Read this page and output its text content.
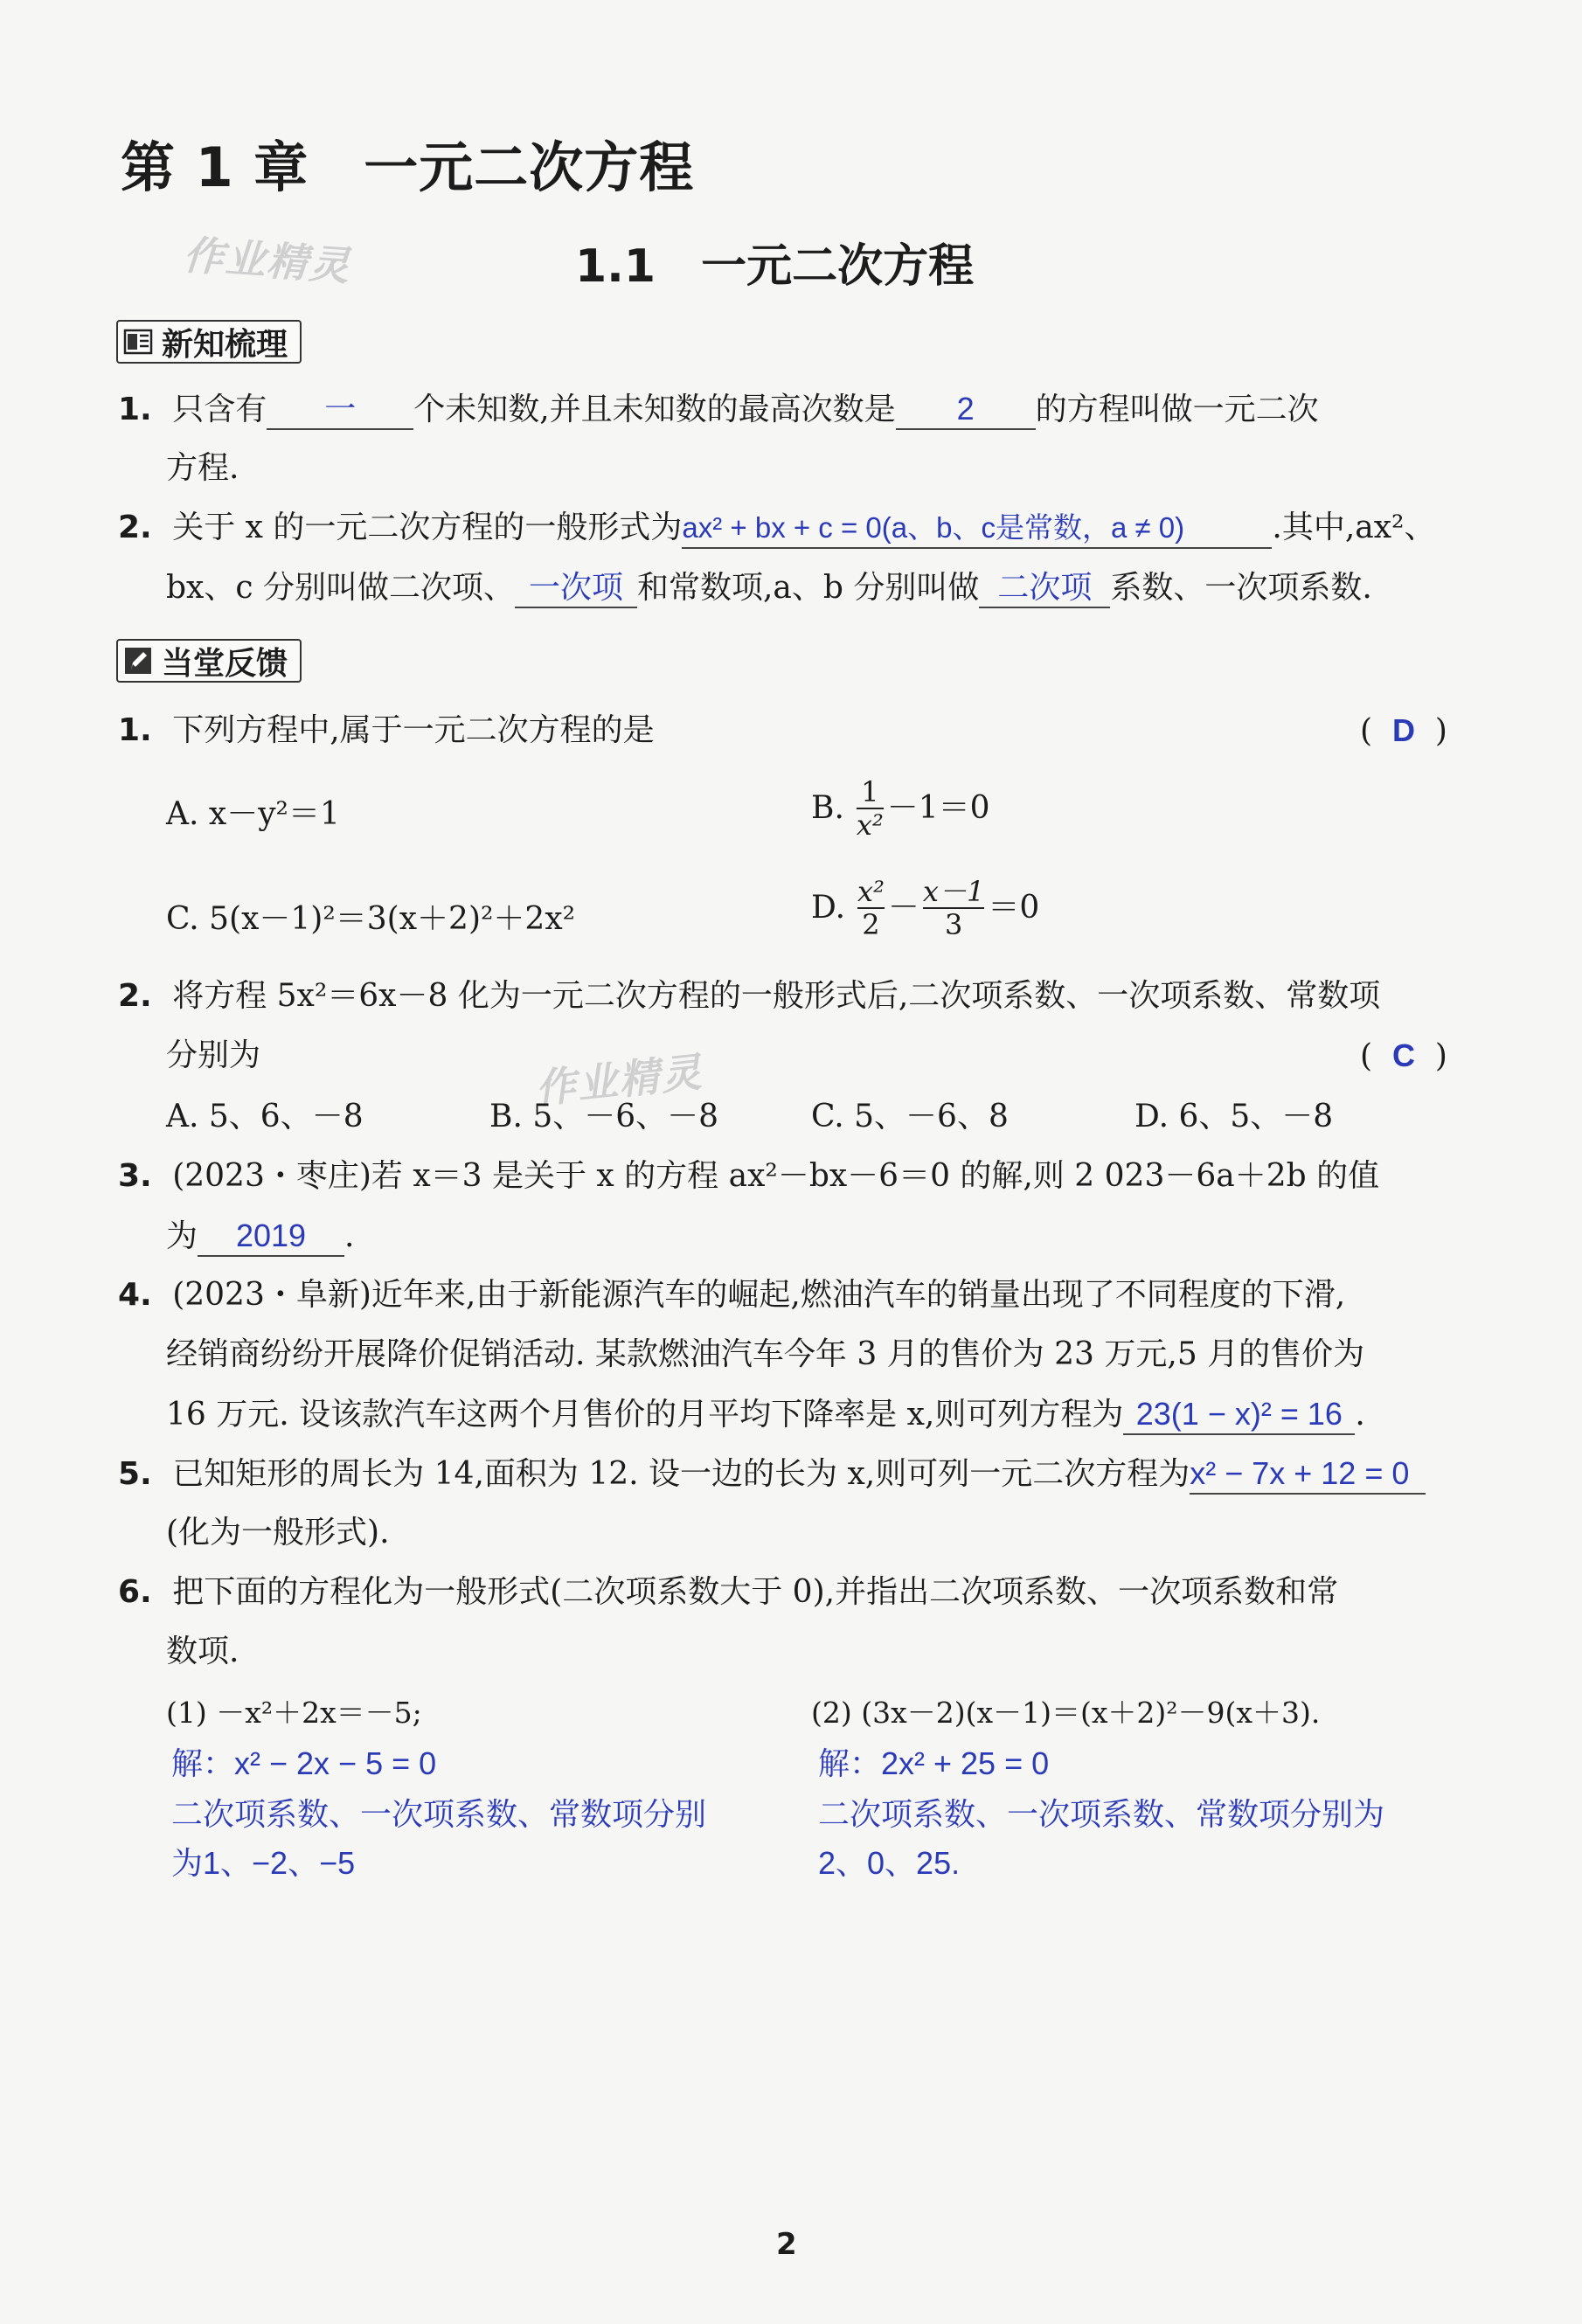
第 1 章　一元二次方程
作业精灵	1.1　一元二次方程
新知梳理
1. 只含有 一 个未知数,并且未知数的最高次数是 2 的方程叫做一元二次
方程.
2. 关于 x 的一元二次方程的一般形式为ax² + bx + c = 0(a、b、c是常数，a ≠ 0)	.其中,ax²、
bx、c 分别叫做二次项、 一次项 和常数项,a、b 分别叫做 二次项 系数、一次项系数.
当堂反馈
1. 下列方程中,属于一元二次方程的是	(  D  )
A. x－y²＝1	B. $\frac{1}{\text{x²}} -1=0$
C. 5(x－1)²＝3(x＋2)²＋2x²	D. $\frac{\text{x²}}{2} - \frac{x-1}{3} =0$
2. 将方程 5x²＝6x－8 化为一元二次方程的一般形式后,二次项系数、一次项系数、常数项
分别为	(  C  )
作业精灵
A. 5、6、－8	B. 5、－6、－8	C. 5、－6、8	D. 6、5、－8
3. (2023・枣庄)若 x＝3 是关于 x 的方程 ax²－bx－6＝0 的解,则 2 023－6a＋2b 的值
为 2019 .
4. (2023・阜新)近年来,由于新能源汽车的崛起,燃油汽车的销量出现了不同程度的下滑,
经销商纷纷开展降价促销活动. 某款燃油汽车今年 3 月的售价为 23 万元,5 月的售价为
16 万元. 设该款汽车这两个月售价的月平均下降率是 x,则可列方程为 23(1 − x)² = 16 .
5. 已知矩形的周长为 14,面积为 12. 设一边的长为 x,则可列一元二次方程为x² − 7x + 12 = 0
(化为一般形式).
6. 把下面的方程化为一般形式(二次项系数大于 0),并指出二次项系数、一次项系数和常
数项.
(1) －x²＋2x＝－5;	(2) (3x－2)(x－1)＝(x＋2)²－9(x＋3).
解：x² − 2x − 5 = 0
二次项系数、一次项系数、常数项分别
为1、−2、−5
解：2x² + 25 = 0
二次项系数、一次项系数、常数项分别为
2、0、25.
2
